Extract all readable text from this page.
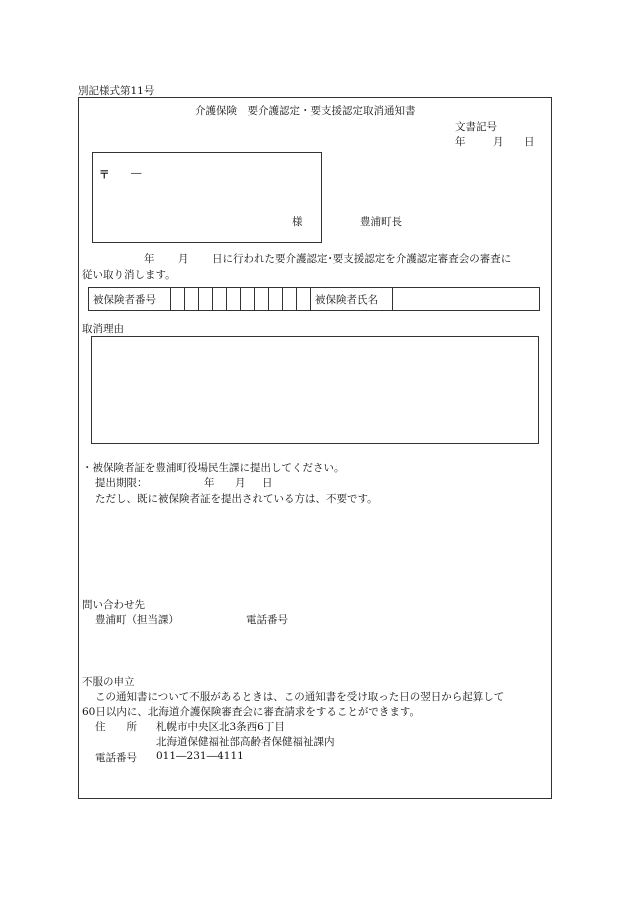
別記様式第11号
介護保険　要介護認定・要支援認定取消通知書
文書記号
年	月 日
〒 ―
様	豊浦町長
年 月 日に行われた要介護認定･要支援認定を介護認定審査会の審査に
従い取り消します。
被保険者番号											被保険者氏名	
取消理由
・被保険者証を豊浦町役場民生課に提出してください。
提出期限：	年 月 日
ただし、既に被保険者証を提出されている方は、不要です。
問い合わせ先
豊浦町（担当課）	電話番号
不服の申立
この通知書について不服があるときは、この通知書を受け取った日の翌日から起算して
60日以内に、北海道介護保険審査会に審査請求をすることができます。
住　　所 札幌市中央区北3条西6丁目
北海道保健福祉部高齢者保健福祉課内
電話番号 011―231―4111
